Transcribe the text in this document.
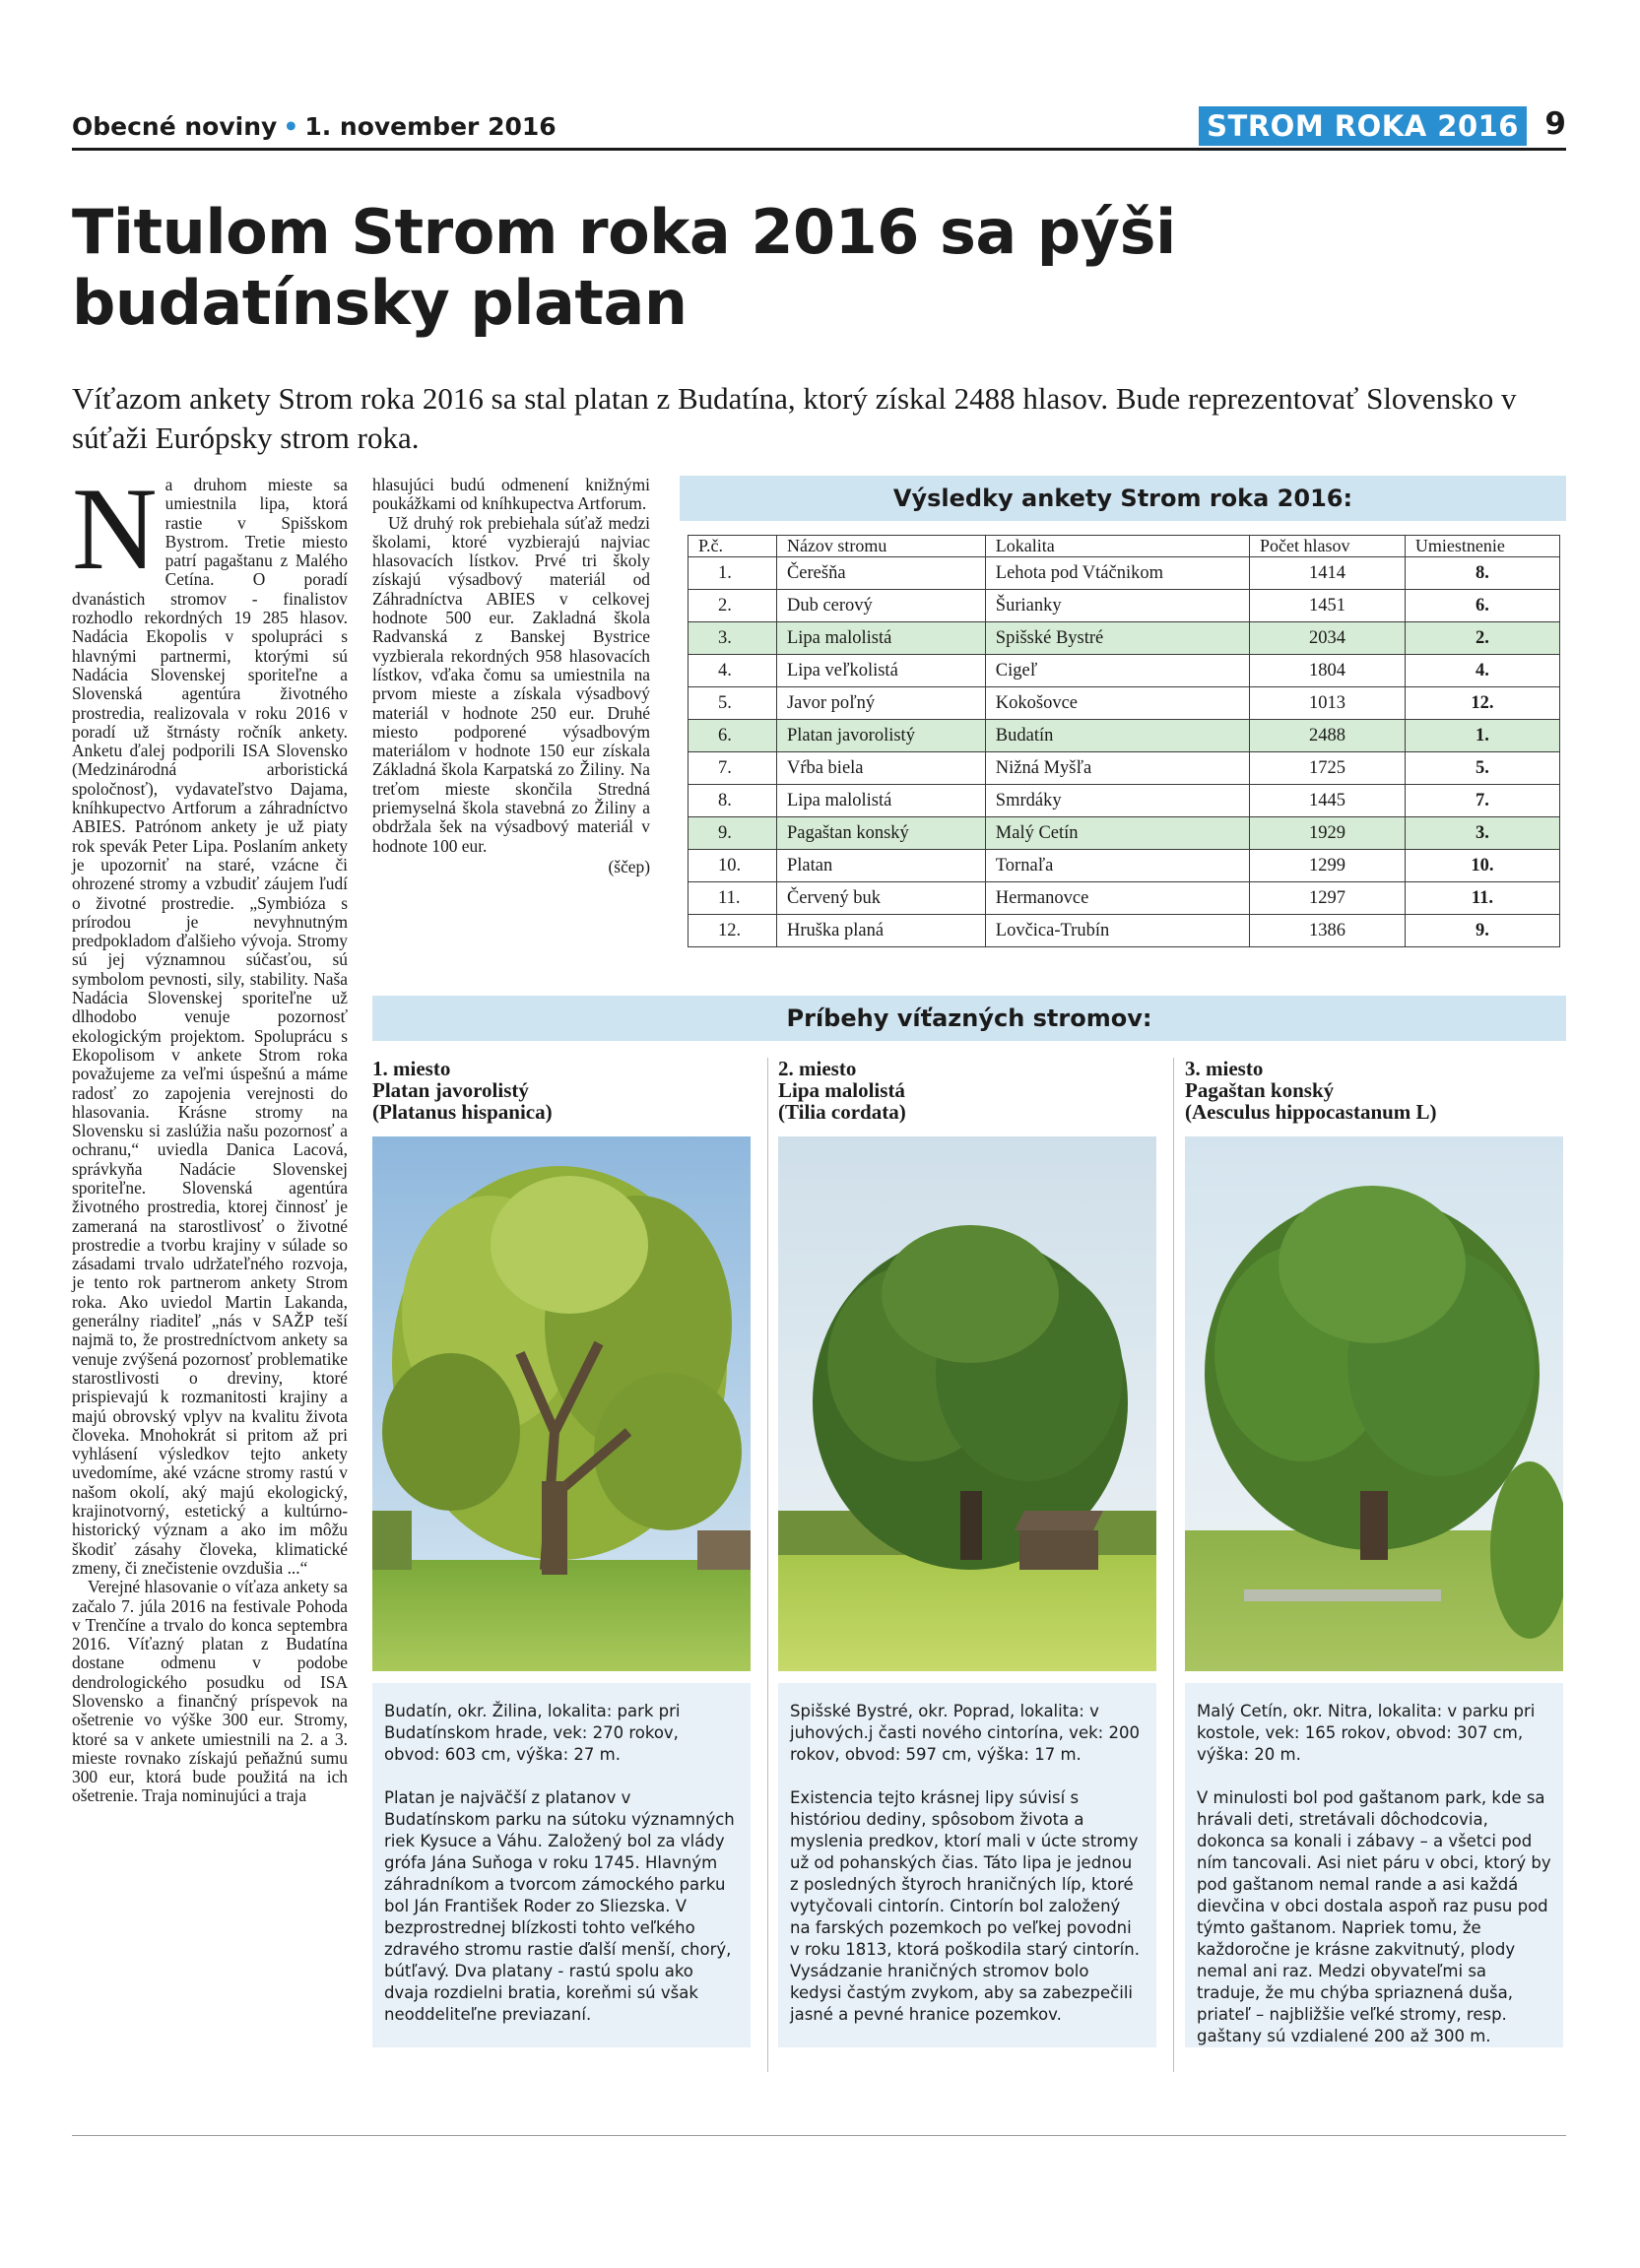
Obecné noviny • 1. november 2016	STROM ROKA 2016 9
Titulom Strom roka 2016 sa pýši budatínsky platan

Víťazom ankety Strom roka 2016 sa stal platan z Budatína, ktorý získal 2488 hlasov. Bude reprezentovať Slovensko v súťaži Európsky strom roka.

Na druhom mieste sa umiestnila lipa, ktorá rastie v Spišskom Bystrom. Tretie miesto patrí pagaštanu z Malého Cetína. O poradí dvanástich stromov - finalistov rozhodlo rekordných 19 285 hlasov. Nadácia Ekopolis v spolupráci s hlavnými partnermi, ktorými sú Nadácia Slovenskej sporiteľne a Slovenská agentúra životného prostredia, realizovala v roku 2016 v poradí už štrnásty ročník ankety. Anketu ďalej podporili ISA Slovensko (Medzinárodná arboristická spoločnosť), vydavateľstvo Dajama, kníhkupectvo Artforum a záhradníctvo ABIES. Patrónom ankety je už piaty rok spevák Peter Lipa. Poslaním ankety je upozorniť na staré, vzácne či ohrozené stromy a vzbudiť záujem ľudí o životné prostredie. „Symbióza s prírodou je nevyhnutným predpokladom ďalšieho vývoja. Stromy sú jej významnou súčasťou, sú symbolom pevnosti, sily, stability. Naša Nadácia Slovenskej sporiteľne už dlhodobo venuje pozornosť ekologickým projektom. Spoluprácu s Ekopolisom v ankete Strom roka považujeme za veľmi úspešnú a máme radosť zo zapojenia verejnosti do hlasovania. Krásne stromy na Slovensku si zaslúžia našu pozornosť a ochranu,“ uviedla Danica Lacová, správkyňa Nadácie Slovenskej sporiteľne. Slovenská agentúra životného prostredia, ktorej činnosť je zameraná na starostlivosť o životné prostredie a tvorbu krajiny v súlade so zásadami trvalo udržateľného rozvoja, je tento rok partnerom ankety Strom roka. Ako uviedol Martin Lakanda, generálny riaditeľ „nás v SAŽP teší najmä to, že prostredníctvom ankety sa venuje zvýšená pozornosť problematike starostlivosti o dreviny, ktoré prispievajú k rozmanitosti krajiny a majú obrovský vplyv na kvalitu života človeka. Mnohokrát si pritom až pri vyhlásení výsledkov tejto ankety uvedomíme, aké vzácne stromy rastú v našom okolí, aký majú ekologický, krajinotvorný, estetický a kultúrno-historický význam a ako im môžu škodiť zásahy človeka, klimatické zmeny, či znečistenie ovzdušia ...“

Verejné hlasovanie o víťaza ankety sa začalo 7. júla 2016 na festivale Pohoda v Trenčíne a trvalo do konca septembra 2016. Víťazný platan z Budatína dostane odmenu v podobe dendrologického posudku od ISA Slovensko a finančný príspevok na ošetrenie vo výške 300 eur. Stromy, ktoré sa v ankete umiestnili na 2. a 3. mieste rovnako získajú peňažnú sumu 300 eur, ktorá bude použitá na ich ošetrenie. Traja nominujúci a traja

hlasujúci budú odmenení knižnými poukážkami od kníhkupectva Artforum.

Už druhý rok prebiehala súťaž medzi školami, ktoré vyzbierajú najviac hlasovacích lístkov. Prvé tri školy získajú výsadbový materiál od Záhradníctva ABIES v celkovej hodnote 500 eur. Zakladná škola Radvanská z Banskej Bystrice vyzbierala rekordných 958 hlasovacích lístkov, vďaka čomu sa umiestnila na prvom mieste a získala výsadbový materiál v hodnote 250 eur. Druhé miesto podporené výsadbovým materiálom v hodnote 150 eur získala Základná škola Karpatská zo Žiliny. Na treťom mieste skončila Stredná priemyselná škola stavebná zo Žiliny a obdržala šek na výsadbový materiál v hodnote 100 eur.

(ščep)

Výsledky ankety Strom roka 2016:
P.č.	Názov stromu	Lokalita	Počet hlasov	Umiestnenie
1.	Čerešňa	Lehota pod Vtáčnikom	1414	8.
2.	Dub cerový	Šurianky	1451	6.
3.	Lipa malolistá	Spišské Bystré	2034	2.
4.	Lipa veľkolistá	Cigeľ	1804	4.
5.	Javor poľný	Kokošovce	1013	12.
6.	Platan javorolistý	Budatín	2488	1.
7.	Vŕba biela	Nižná Myšľa	1725	5.
8.	Lipa malolistá	Smrdáky	1445	7.
9.	Pagaštan konský	Malý Cetín	1929	3.
10.	Platan	Tornaľa	1299	10.
11.	Červený buk	Hermanovce	1297	11.
12.	Hruška planá	Lovčica-Trubín	1386	9.
Príbehy víťazných stromov:
1. miesto
Platan javorolistý
(Platanus hispanica)

Budatín, okr. Žilina, lokalita: park pri Budatínskom hrade, vek: 270 rokov, obvod: 603 cm, výška: 27 m.

Platan je najväčší z platanov v Budatínskom parku na sútoku významných riek Kysuce a Váhu. Založený bol za vlády grófa Jána Suňoga v roku 1745. Hlavným záhradníkom a tvorcom zámockého parku bol Ján František Roder zo Sliezska. V bezprostrednej blízkosti tohto veľkého zdravého stromu rastie ďalší menší, chorý, bútľavý. Dva platany - rastú spolu ako dvaja rozdielni bratia, koreňmi sú však neoddeliteľne previazaní.

2. miesto
Lipa malolistá
(Tilia cordata)

Spišské Bystré, okr. Poprad, lokalita: v juhových.j časti nového cintorína, vek: 200 rokov, obvod: 597 cm, výška: 17 m.

Existencia tejto krásnej lipy súvisí s históriou dediny, spôsobom života a myslenia predkov, ktorí mali v úcte stromy už od pohanských čias. Táto lipa je jednou z posledných štyroch hraničných líp, ktoré vytyčovali cintorín. Cintorín bol založený na farských pozemkoch po veľkej povodni v roku 1813, ktorá poškodila starý cintorín. Vysádzanie hraničných stromov bolo kedysi častým zvykom, aby sa zabezpečili jasné a pevné hranice pozemkov.

3. miesto
Pagaštan konský
(Aesculus hippocastanum L)

Malý Cetín, okr. Nitra, lokalita: v parku pri kostole, vek: 165 rokov, obvod: 307 cm, výška: 20 m.

V minulosti bol pod gaštanom park, kde sa hrávali deti, stretávali dôchodcovia, dokonca sa konali i zábavy – a všetci pod ním tancovali. Asi niet páru v obci, ktorý by pod gaštanom nemal rande a asi každá dievčina v obci dostala aspoň raz pusu pod týmto gaštanom. Napriek tomu, že každoročne je krásne zakvitnutý, plody nemal ani raz. Medzi obyvateľmi sa traduje, že mu chýba spriaznená duša, priateľ – najbližšie veľké stromy, resp. gaštany sú vzdialené 200 až 300 m.
